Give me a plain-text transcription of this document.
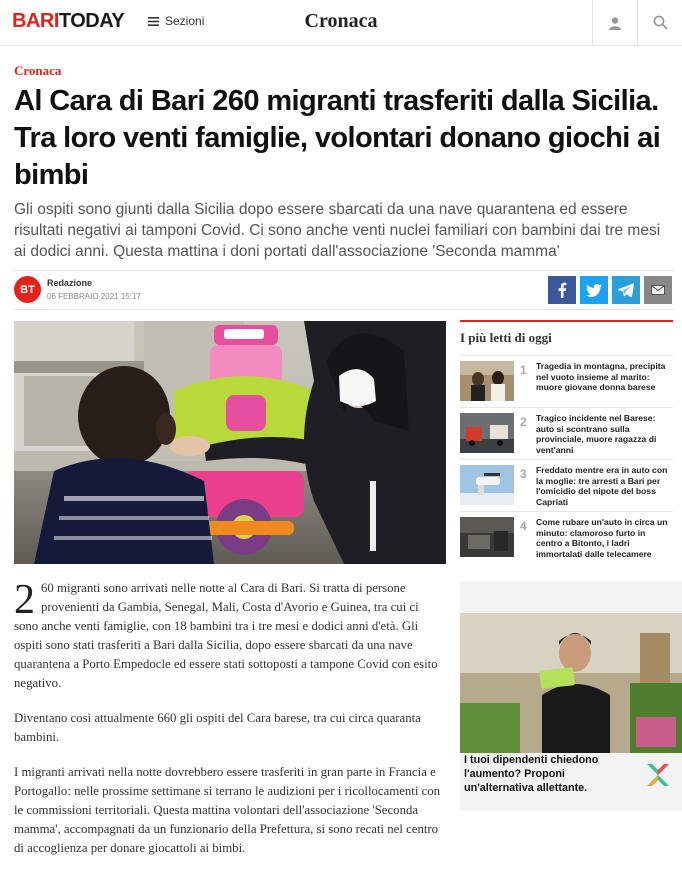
BARITODAY	Sezioni	Cronaca
Cronaca
Al Cara di Bari 260 migranti trasferiti dalla Sicilia. Tra loro venti famiglie, volontari donano giochi ai bimbi

Gli ospiti sono giunti dalla Sicilia dopo essere sbarcati da una nave quarantena ed essere risultati negativi ai tamponi Covid. Ci sono anche venti nuclei familiari con bambini dai tre mesi ai dodici anni. Questa mattina i doni portati dall'associazione 'Seconda mamma'

BT
Redazione
06 FEBBRAIO 2021 15:17

2 60 migranti sono arrivati nelle notte al Cara di Bari. Si tratta di persone provenienti da Gambia, Senegal, Mali, Costa d'Avorio e Guinea, tra cui ci sono anche venti famiglie, con 18 bambini tra i tre mesi e dodici anni d'età. Gli ospiti sono stati trasferiti a Bari dalla Sicilia, dopo essere sbarcati da una nave quarantena a Porto Empedocle ed essere stati sottoposti a tampone Covid con esito negativo.

Diventano così attualmente 660 gli ospiti del Cara barese, tra cui circa quaranta bambini.

I migranti arrivati nella notte dovrebbero essere trasferiti in gran parte in Francia e Portogallo: nelle prossime settimane si terrano le audizioni per i ricollocamenti con le commissioni territoriali. Questa mattina volontari dell'associazione 'Seconda mamma', accompagnati da un funzionario della Prefettura, si sono recati nel centro di accoglienza per donare giocattoli ai bimbi.

I più letti di oggi
1	Tragedia in montagna, precipita nel vuoto insieme al marito: muore giovane donna barese
2	Tragico incidente nel Barese: auto si scontrano sulla provinciale, muore ragazza di vent'anni
3	Freddato mentre era in auto con la moglie: tre arresti a Bari per l'omicidio del nipote del boss Capriati
4	Come rubare un'auto in circa un minuto: clamoroso furto in centro a Bitonto, i ladri immortalati dalle telecamere
I tuoi dipendenti chiedono l'aumento? Proponi un'alternativa allettante.
